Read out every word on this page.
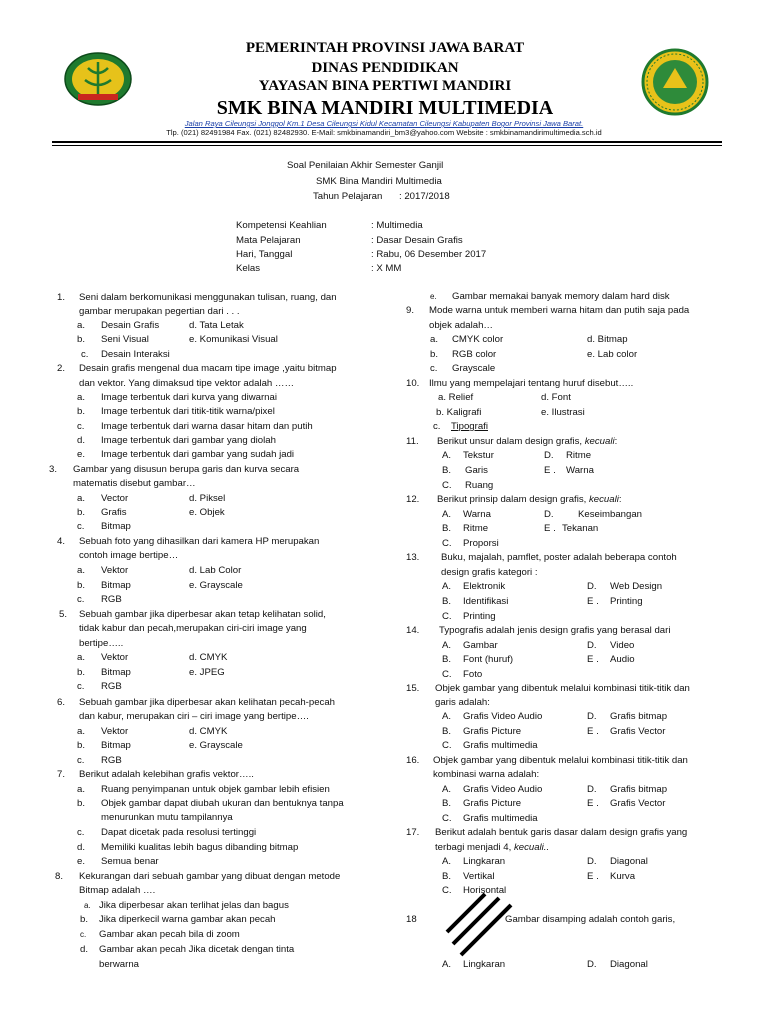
PEMERINTAH PROVINSI JAWA BARAT
DINAS PENDIDIKAN
YAYASAN BINA PERTIWI MANDIRI
SMK BINA MANDIRI MULTIMEDIA
Jalan Raya Cileungsi Jonggol Km.1 Desa Cileungsi Kidul Kecamatan Cileungsi Kabupaten Bogor Provinsi Jawa Barat.
Tlp. (021) 82491984 Fax. (021) 82482930. E-Mail: smkbinamandiri_bm3@yahoo.com Website : smkbinamandirimultimedia.sch.id
Soal Penilaian Akhir Semester Ganjil
SMK Bina Mandiri Multimedia
Tahun Pelajaran : 2017/2018
Kompetensi Keahlian	: Multimedia
Mata Pelajaran	: Dasar Desain Grafis
Hari, Tanggal	: Rabu, 06 Desember 2017
Kelas	: X MM
1. Seni dalam berkomunikasi menggunakan tulisan, ruang, dan
gambar merupakan pegertian dari . . .
a. Desain Grafis	d. Tata Letak
b. Seni Visual	e. Komunikasi Visual
c. Desain Interaksi
2. Desain grafis mengenal dua macam tipe image ,yaitu bitmap
dan vektor. Yang dimaksud tipe vektor adalah ……
a. Image terbentuk dari kurva yang diwarnai
b. Image terbentuk dari titik-titik warna/pixel
c. Image terbentuk dari warna dasar hitam dan putih
d. Image terbentuk dari gambar yang diolah
e. Image terbentuk dari gambar yang sudah jadi
3. Gambar yang disusun berupa garis dan kurva secara
matematis disebut gambar…
a. Vector	d. Piksel
b. Grafis	e. Objek
c. Bitmap
4. Sebuah foto yang dihasilkan dari kamera HP merupakan
contoh image bertipe…
a. Vektor	d. Lab Color
b. Bitmap	e. Grayscale
c. RGB
5. Sebuah gambar jika diperbesar akan tetap kelihatan solid,
tidak kabur dan pecah,merupakan ciri-ciri image yang
bertipe…..
a. Vektor	d. CMYK
b. Bitmap	e. JPEG
c. RGB
6. Sebuah gambar jika diperbesar akan kelihatan pecah-pecah
dan kabur, merupakan ciri – ciri image yang bertipe….
a. Vektor	d. CMYK
b. Bitmap	e. Grayscale
c. RGB
7. Berikut adalah kelebihan grafis vektor…..
a. Ruang penyimpanan untuk objek gambar lebih efisien
b. Objek gambar dapat diubah ukuran dan bentuknya tanpa
menurunkan mutu tampilannya
c. Dapat dicetak pada resolusi tertinggi
d. Memiliki kualitas lebih bagus dibanding bitmap
e. Semua benar
8. Kekurangan dari sebuah gambar yang dibuat dengan metode
Bitmap adalah ….
a. Jika diperbesar akan terlihat jelas dan bagus
b. Jika diperkecil warna gambar akan pecah
c. Gambar akan pecah bila di zoom
d. Gambar akan pecah Jika dicetak dengan tinta
berwarna
e. Gambar memakai banyak memory dalam hard disk
9. Mode warna untuk memberi warna hitam dan putih saja pada
objek adalah…
a. CMYK color	d. Bitmap
b. RGB color	e. Lab color
c. Grayscale
10. Ilmu yang mempelajari tentang huruf disebut…..
a. Relief	d. Font
b. Kaligrafi	e. Ilustrasi
c. Tipografi
11. Berikut unsur dalam design grafis, kecuali:
A. Tekstur	D. Ritme
B. Garis	E . Warna
C. Ruang
12. Berikut prinsip dalam design grafis, kecuali:
A. Warna	D.	Keseimbangan
B. Ritme	E . Tekanan
C. Proporsi
13. Buku, majalah, pamflet, poster adalah beberapa contoh
design grafis kategori :
A. Elektronik	D. Web Design
B. Identifikasi	E . Printing
C. Printing
14. Typografis adalah jenis design grafis yang berasal dari
A. Gambar	D. Video
B. Font (huruf)	E . Audio
C. Foto
15. Objek gambar yang dibentuk melalui kombinasi titik-titik dan
garis adalah:
A. Grafis Video Audio	D. Grafis bitmap
B. Grafis Picture	E . Grafis Vector
C. Grafis multimedia
16. Objek gambar yang dibentuk melalui kombinasi titik-titik dan
kombinasi warna adalah:
A. Grafis Video Audio	D. Grafis bitmap
B. Grafis Picture	E . Grafis Vector
C. Grafis multimedia
17. Berikut adalah bentuk garis dasar dalam design grafis yang
terbagi menjadi 4, kecuali..
A. Lingkaran	D. Diagonal
B. Vertikal	E . Kurva
C. Horisontal
18	Gambar disamping adalah contoh garis,
A. Lingkaran	D. Diagonal
